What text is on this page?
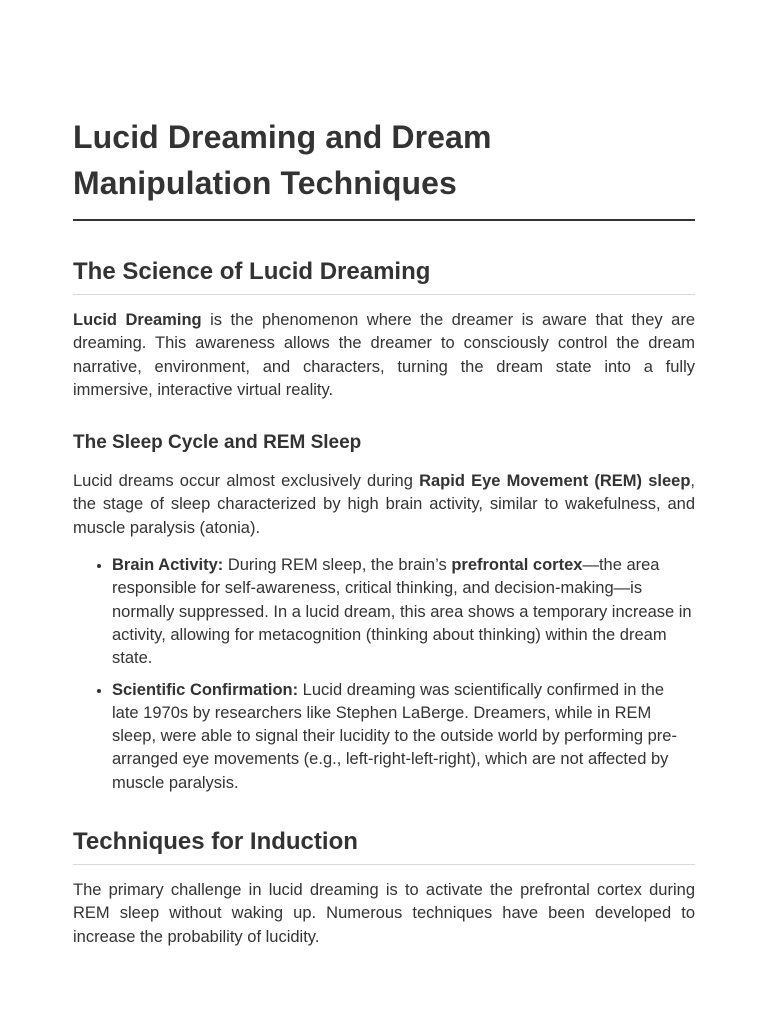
Lucid Dreaming and Dream Manipulation Techniques
The Science of Lucid Dreaming

Lucid Dreaming is the phenomenon where the dreamer is aware that they are dreaming. This awareness allows the dreamer to consciously control the dream narrative, environment, and characters, turning the dream state into a fully immersive, interactive virtual reality.

The Sleep Cycle and REM Sleep

Lucid dreams occur almost exclusively during Rapid Eye Movement (REM) sleep, the stage of sleep characterized by high brain activity, similar to wakefulness, and muscle paralysis (atonia).

• Brain Activity: During REM sleep, the brain’s prefrontal cortex—the area responsible for self-awareness, critical thinking, and decision-making—is normally suppressed. In a lucid dream, this area shows a temporary increase in activity, allowing for metacognition (thinking about thinking) within the dream state.
• Scientific Confirmation: Lucid dreaming was scientifically confirmed in the late 1970s by researchers like Stephen LaBerge. Dreamers, while in REM sleep, were able to signal their lucidity to the outside world by performing pre-arranged eye movements (e.g., left-right-left-right), which are not affected by muscle paralysis.
Techniques for Induction

The primary challenge in lucid dreaming is to activate the prefrontal cortex during REM sleep without waking up. Numerous techniques have been developed to increase the probability of lucidity.
